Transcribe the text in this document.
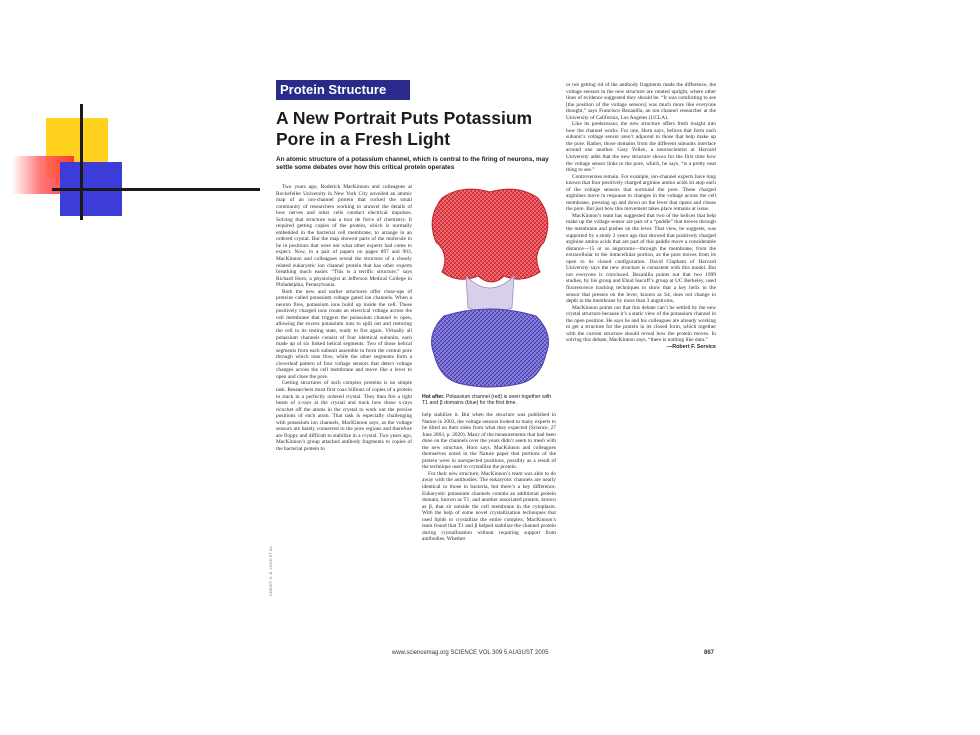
Protein Structure
A New Portrait Puts Potassium Pore in a Fresh Light
An atomic structure of a potassium channel, which is central to the firing of neurons, may settle some debates over how this critical protein operates

Two years ago, Roderick MacKinnon and colleagues at Rockefeller University in New York City unveiled an atomic map of an ion-channel protein that rocked the small community of researchers working to unravel the details of how nerves and other cells conduct electrical impulses. Solving that structure was a tour de force of chemistry. It required getting copies of the protein, which is normally embedded in the bacterial cell membrane, to arrange in an ordered crystal. But the map showed parts of the molecule to be in positions that were not what other experts had come to expect. Now, in a pair of papers on pages 897 and 903, MacKinnon and colleagues reveal the structure of a closely related eukaryotic ion channel protein that has other experts breathing much easier. “This is a terrific structure,” says Richard Horn, a physiologist at Jefferson Medical College in Philadelphia, Pennsylvania.

Both the new and earlier structures offer close-ups of proteins called potassium voltage gated ion channels. When a neuron fires, potassium ions build up inside the cell. These positively charged ions create an electrical voltage across the cell membrane that triggers the potassium channel to open, allowing the excess potassium ions to spill out and restoring the cell to its resting state, ready to fire again. Virtually all potassium channels consist of four identical subunits, each made up of six linked helical segments. Two of those helical segments from each subunit assemble to form the central pore through which ions flow, while the other segments form a cloverleaf pattern of four voltage sensors that detect voltage changes across the cell membrane and move like a lever to open and close the pore.

Getting structures of such complex proteins is no simple task. Researchers must first coax billions of copies of a protein to stack in a perfectly ordered crystal. They then fire a tight beam of x-rays at the crystal and track how those x-rays ricochet off the atoms in the crystal to work out the precise positions of each atom. That task is especially challenging with potassium ion channels, MacKinnon says, as the voltage sensors are barely connected to the pore regions and therefore are floppy and difficult to stabilize in a crystal. Two years ago, MacKinnon’s group attached antibody fragments to copies of the bacterial protein to

Hot after. Potassium channel (red) is seen together with T1 and β domains (blue) for the first time.

help stabilize it. But when the structure was published in Nature in 2003, the voltage sensors looked to many experts to be tilted on their sides from what they expected (Science, 27 June 2003, p. 2020). Many of the measurements that had been done on the channels over the years didn’t seem to mesh with the new structure, Horn says. MacKinnon and colleagues themselves noted in the Nature paper that portions of the protein were in unexpected positions, possibly as a result of the technique used to crystallize the protein.

For their new structure, MacKinnon’s team was able to do away with the antibodies. The eukaryotic channels are nearly identical to those in bacteria, but there’s a key difference. Eukaryotic potassium channels contain an additional protein domain, known as T1, and another associated protein, known as β, that sit outside the cell membrane in the cytoplasm. With the help of some novel crystallization techniques that used lipids to crystallize the entire complex, MacKinnon’s team found that T1 and β helped stabilize the channel protein during crystallization without requiring support from antibodies. Whether

or not getting rid of the antibody fragments made the difference, the voltage sensors in the new structure are rotated upright, where other lines of evidence suggested they should be. “It was comforting to see [the position of the voltage sensors] was much more like everyone thought,” says Francisco Bezanilla, an ion channel researcher at the University of California, Los Angeles (UCLA).

Like its predecessor, the new structure offers fresh insight into how the channel works. For one, Horn says, helices that form each subunit’s voltage sensor aren’t adjacent to those that help make up the pore. Rather, those domains from the different subunits interlace around one another. Gary Yellen, a neuroscientist at Harvard University adds that the new structure shows for the first time how the voltage sensor links to the pore, which, he says, “is a pretty neat thing to see.”

Controversies remain. For example, ion-channel experts have long known that four positively charged arginine amino acids sit atop each of the voltage sensors that surround the pore. These charged arginines move in response to changes in the voltage across the cell membrane, pressing up and down on the lever that opens and closes the pore. But just how this movement takes place remains at issue.

MacKinnon’s team has suggested that two of the helices that help make up the voltage sensor are part of a “paddle” that moves through the membrane and pushes on the lever. That view, he suggests, was supported by a study 2 years ago that showed that positively charged arginine amino acids that are part of this paddle move a considerable distance—15 or so angstroms—through the membrane, from the extracellular to the intracellular portion, as the pore moves from its open to its closed configuration. David Clapham of Harvard University says the new structure is consistent with this model. But not everyone is convinced. Bezanilla points out that two 1999 studies, by his group and Ehud Isacoff’s group at UC Berkeley, used fluorescence tracking techniques to show that a key helix in the sensor that presses on the lever, known as S4, does not change in depth in the membrane by more than 3 angstroms.

MacKinnon points out that this debate can’t be settled by the new crystal structure because it’s a static view of the potassium channel in the open position. He says he and his colleagues are already working to get a structure for the protein in its closed form, which together with the current structure should reveal how the protein moves. In solving this debate, MacKinnon says, “there is nothing like data.”

—Robert F. Service

CREDIT: S. B. LONG ET AL.
www.sciencemag.org SCIENCE VOL 309 5 AUGUST 2005	867
